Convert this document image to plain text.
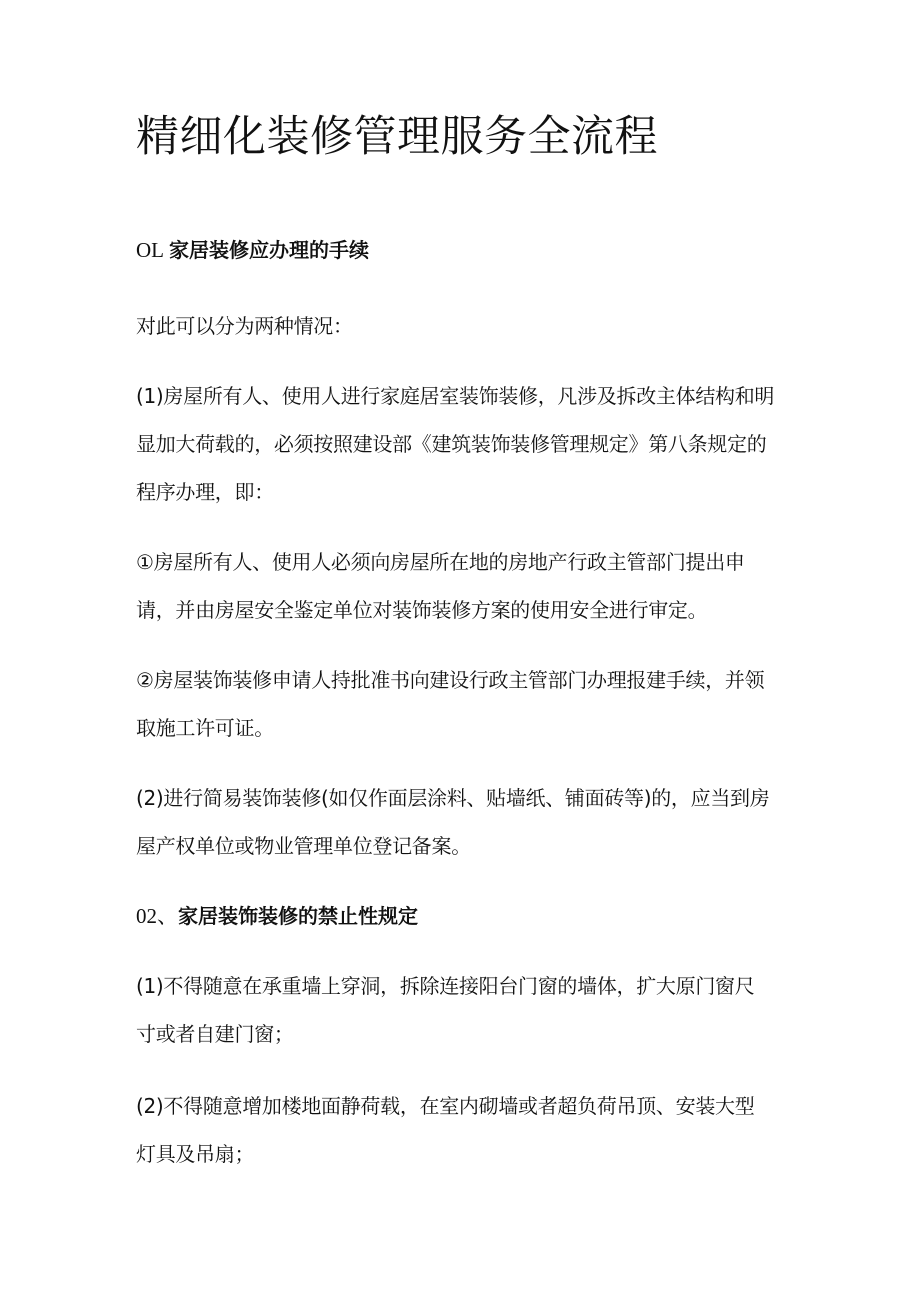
精细化装修管理服务全流程
OL 家居装修应办理的手续

对此可以分为两种情况：

(1)房屋所有人、使用人进行家庭居室装饰装修，凡涉及拆改主体结构和明
显加大荷载的，必须按照建设部《建筑装饰装修管理规定》第八条规定的
程序办理，即：

①房屋所有人、使用人必须向房屋所在地的房地产行政主管部门提出申
请，并由房屋安全鉴定单位对装饰装修方案的使用安全进行审定。

②房屋装饰装修申请人持批准书向建设行政主管部门办理报建手续，并领
取施工许可证。

(2)进行简易装饰装修(如仅作面层涂料、贴墙纸、铺面砖等)的，应当到房
屋产权单位或物业管理单位登记备案。

02、家居装饰装修的禁止性规定

(1)不得随意在承重墙上穿洞，拆除连接阳台门窗的墙体，扩大原门窗尺
寸或者自建门窗；

(2)不得随意增加楼地面静荷载，在室内砌墙或者超负荷吊顶、安装大型
灯具及吊扇；
